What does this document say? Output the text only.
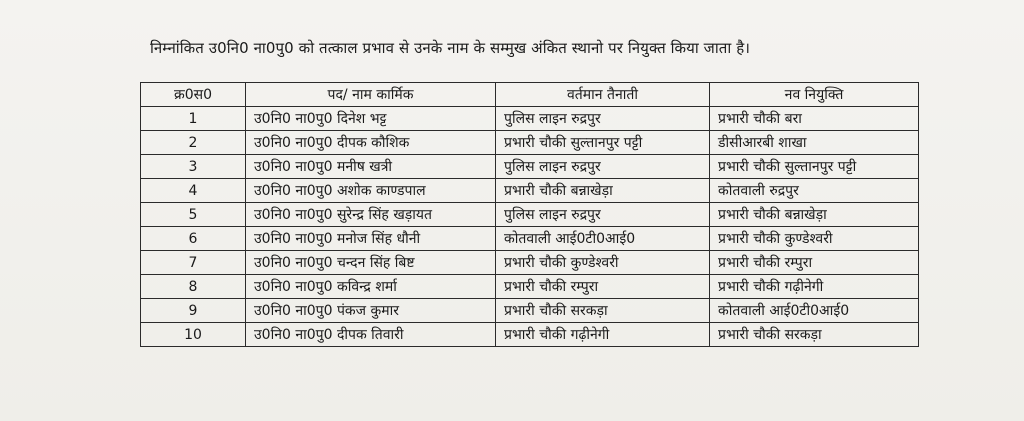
निम्नांकित उ0नि0 ना0पु0 को तत्काल प्रभाव से उनके नाम के सम्मुख अंकित स्थानो पर नियुक्त किया जाता है।
क्र0स0	पद/ नाम कार्मिक	वर्तमान तैनाती	नव नियुक्ति
1	उ0नि0 ना0पु0 दिनेश भट्ट	पुलिस लाइन रुद्रपुर	प्रभारी चौकी बरा
2	उ0नि0 ना0पु0 दीपक कौशिक	प्रभारी चौकी सुल्तानपुर पट्टी	डीसीआरबी शाखा
3	उ0नि0 ना0पु0 मनीष खत्री	पुलिस लाइन रुद्रपुर	प्रभारी चौकी सुल्तानपुर पट्टी
4	उ0नि0 ना0पु0 अशोक काण्डपाल	प्रभारी चौकी बन्नाखेड़ा	कोतवाली रुद्रपुर
5	उ0नि0 ना0पु0 सुरेन्द्र सिंह खड़ायत	पुलिस लाइन रुद्रपुर	प्रभारी चौकी बन्नाखेड़ा
6	उ0नि0 ना0पु0 मनोज सिंह धौनी	कोतवाली आई0टी0आई0	प्रभारी चौकी कुण्डेश्वरी
7	उ0नि0 ना0पु0 चन्दन सिंह बिष्ट	प्रभारी चौकी कुण्डेश्वरी	प्रभारी चौकी रम्पुरा
8	उ0नि0 ना0पु0 कविन्द्र शर्मा	प्रभारी चौकी रम्पुरा	प्रभारी चौकी गढ़ीनेगी
9	उ0नि0 ना0पु0 पंकज कुमार	प्रभारी चौकी सरकड़ा	कोतवाली आई0टी0आई0
10	उ0नि0 ना0पु0 दीपक तिवारी	प्रभारी चौकी गढ़ीनेगी	प्रभारी चौकी सरकड़ा
